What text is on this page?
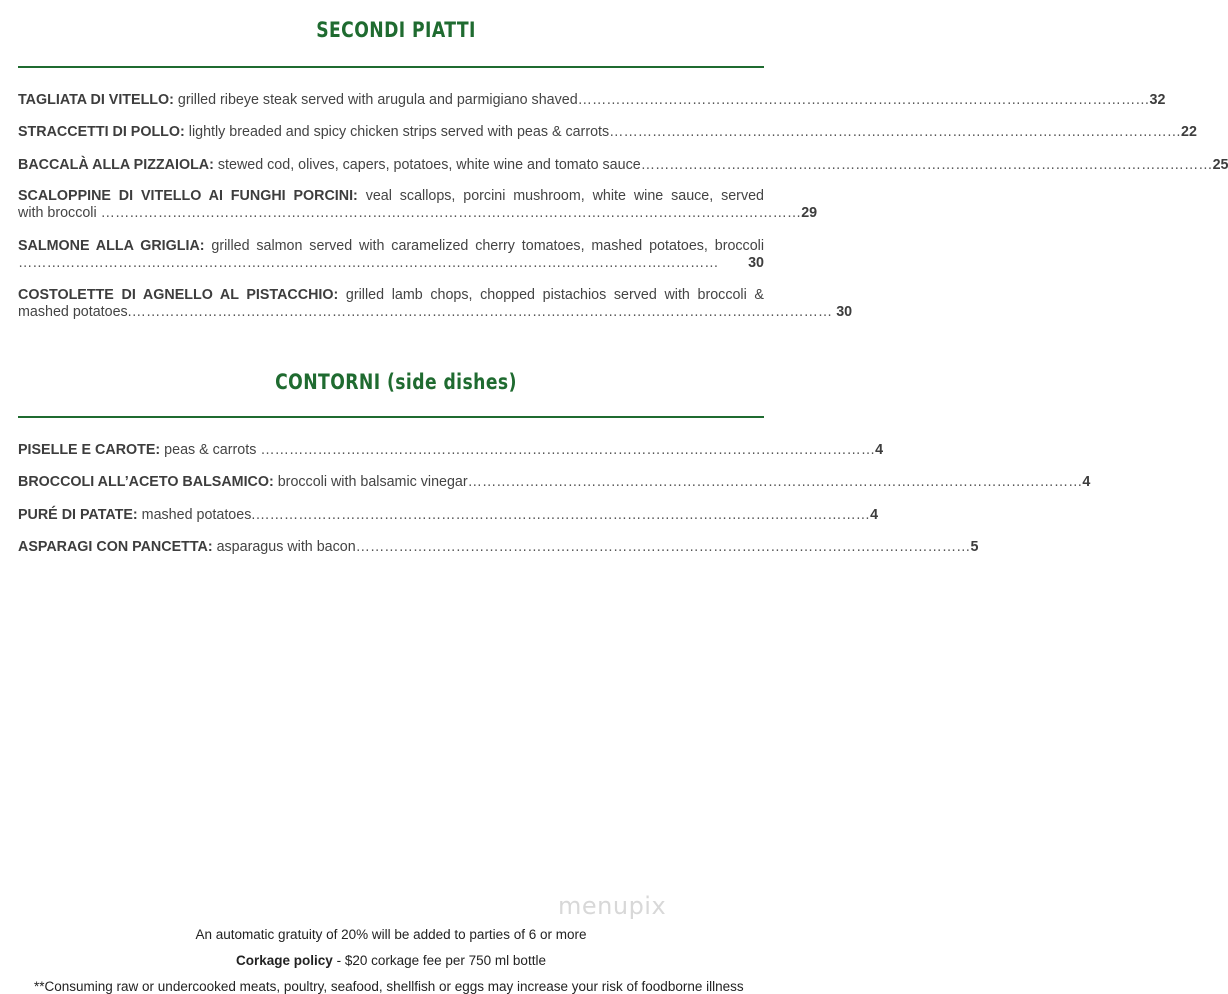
SECONDI PIATTI
TAGLIATA DI VITELLO:
grilled ribeye steak served with arugula and parmigiano shaved ………………………………………………………………………………………………………… 32
STRACCETTI DI POLLO:
lightly breaded and spicy chicken strips served with peas & carrots ………………………………………………………………………………………………………… 22
BACCALÀ ALLA PIZZAIOLA:
stewed cod, olives, capers, potatoes, white wine and tomato sauce ………………………………………………………………………………………………………… 25
SCALOPPINE DI VITELLO AI FUNGHI PORCINI: veal scallops, porcini mushroom, white wine sauce, served
with broccoli
………………………………………………………………………………………………………………………………… 29
SALMONE ALLA GRIGLIA: grilled salmon served with caramelized cherry tomatoes, mashed potatoes, broccoli
…………………………………………………………………………………………………………………………………
	30
COSTOLETTE DI AGNELLO AL PISTACCHIO: grilled lamb chops, chopped pistachios served with broccoli &
mashed potatoes. …………………………………………………………………………………………………………………………………
30
CONTORNI (side dishes)
PISELLE E CAROTE:
peas & carrots
………………………………………………………………………………………………………………… 4
BROCCOLI ALL’ACETO BALSAMICO:
broccoli with balsamic vinegar ………………………………………………………………………………………………………………… 4
PURÉ DI PATATE:
mashed potatoes. ………………………………………………………………………………………………………………… 4
ASPARAGI CON PANCETTA:
asparagus with bacon ………………………………………………………………………………………………………………… 5
menupix
An automatic gratuity of 20% will be added to parties of 6 or more
Corkage policy - $20 corkage fee per 750 ml bottle
**Consuming raw or undercooked meats, poultry, seafood, shellfish or eggs may increase your risk of foodborne illness
